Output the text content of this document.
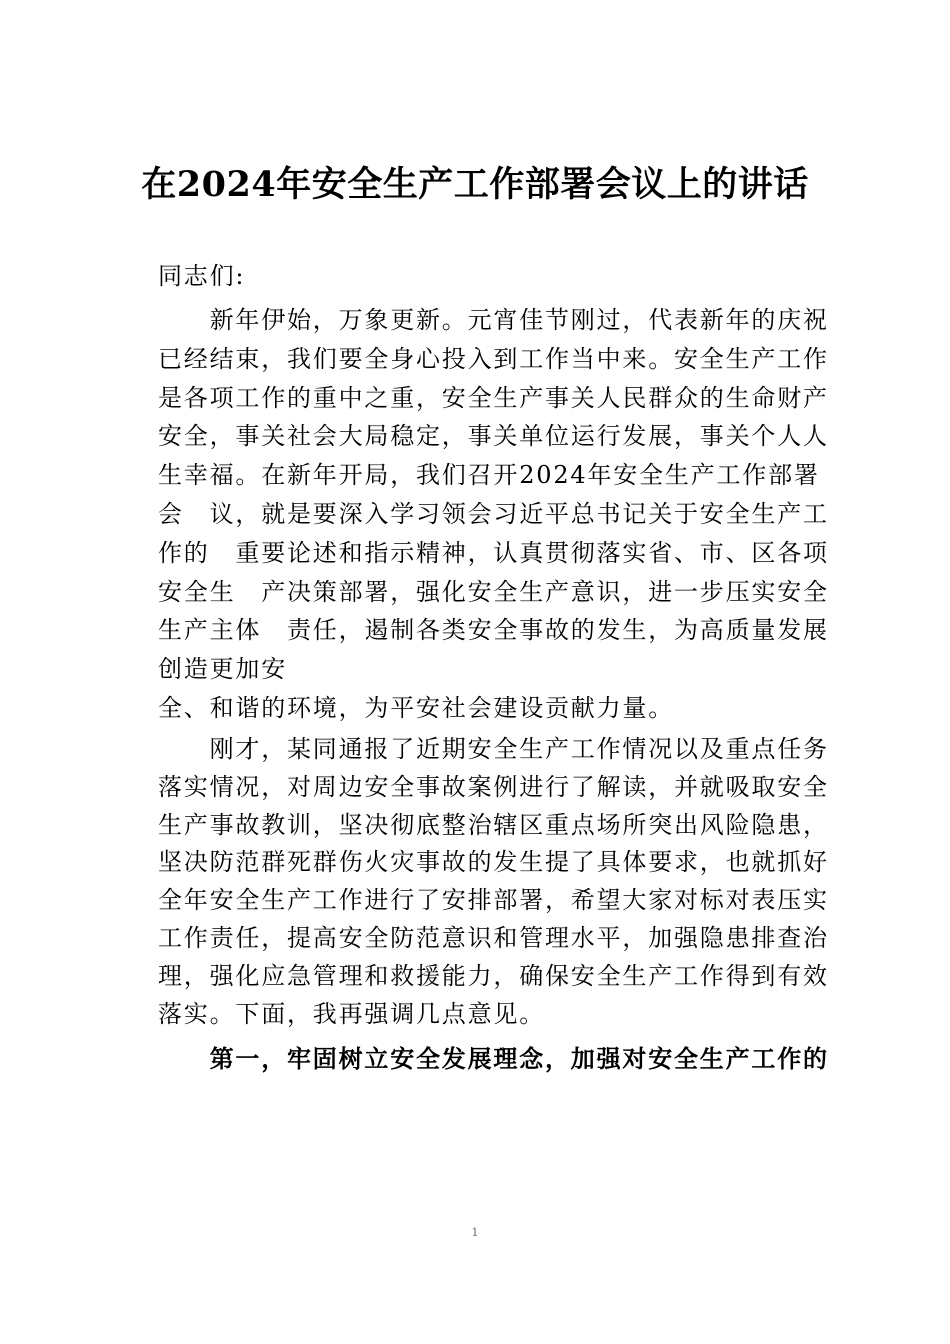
在2024年安全生产工作部署会议上的讲话
同志们:
　　新年伊始，万象更新。元宵佳节刚过，代表新年的庆祝
已经结束，我们要全身心投入到工作当中来。安全生产工作
是各项工作的重中之重，安全生产事关人民群众的生命财产
安全，事关社会大局稳定，事关单位运行发展，事关个人人
生幸福。在新年开局，我们召开2024年安全生产工作部署
会　议，就是要深入学习领会习近平总书记关于安全生产工
作的　重要论述和指示精神，认真贯彻落实省、市、区各项
安全生　产决策部署，强化安全生产意识，进一步压实安全
生产主体　责任，遏制各类安全事故的发生，为高质量发展
创造更加安
全、和谐的环境，为平安社会建设贡献力量。
　　刚才，某同通报了近期安全生产工作情况以及重点任务
落实情况，对周边安全事故案例进行了解读，并就吸取安全
生产事故教训，坚决彻底整治辖区重点场所突出风险隐患，
坚决防范群死群伤火灾事故的发生提了具体要求，也就抓好
全年安全生产工作进行了安排部署，希望大家对标对表压实
工作责任，提高安全防范意识和管理水平，加强隐患排查治
理，强化应急管理和救援能力，确保安全生产工作得到有效
落实。下面，我再强调几点意见。
　　第一，牢固树立安全发展理念，加强对安全生产工作的
1
